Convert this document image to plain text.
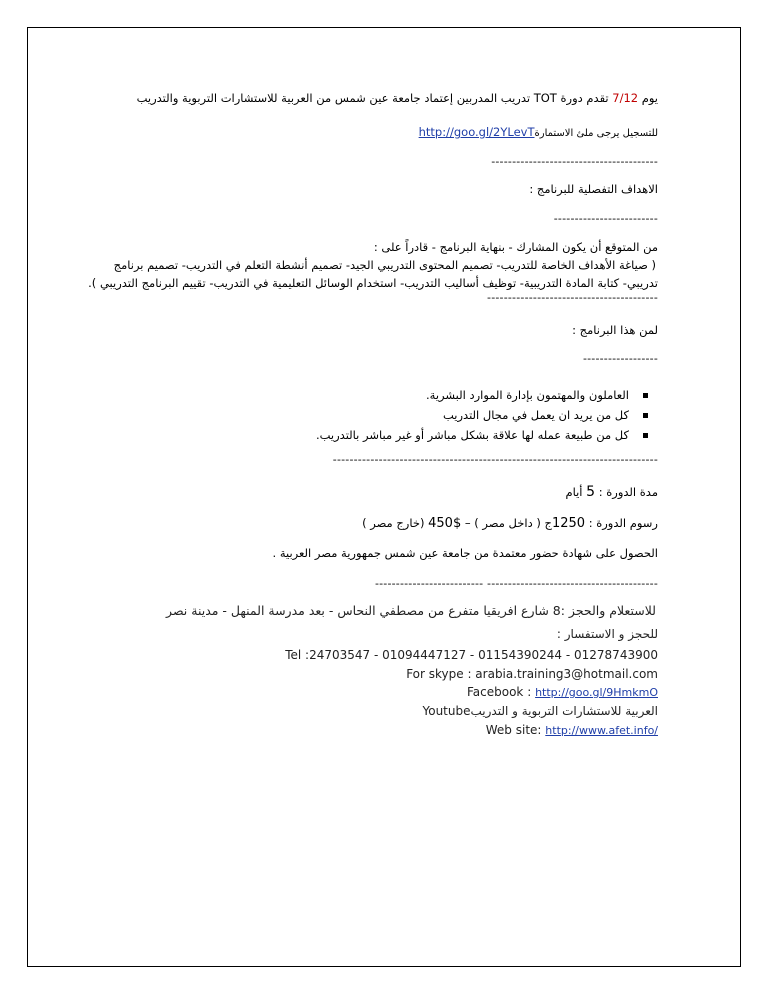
يوم 7/12 تقدم دورة TOT تدريب المدربين إعتماد جامعة عين شمس من العربية للاستشارات التربوية والتدريب
للتسجيل يرجى ملئ الاستمارةhttp://goo.gl/2YLevT
----------------------------------------
الاهداف التفصلية للبرنامج :
-------------------------
من المتوقع أن يكون المشارك - بنهاية البرنامج - قادراً على :
( صياغة الأهداف الخاصة للتدريب- تصميم المحتوى التدريبي الجيد- تصميم أنشطة التعلم في التدريب- تصميم برنامج
تدريبي- كتابة المادة التدريبية- توظيف أساليب التدريب- استخدام الوسائل التعليمية في التدريب- تقييم البرنامج التدريبي ).
-----------------------------------------
لمن هذا البرنامج :
------------------
العاملون والمهتمون بإدارة الموارد البشرية.
كل من يريد ان يعمل في مجال التدريب
كل من طبيعة عمله لها علاقة بشكل مباشر أو غير مباشر بالتدريب.
------------------------------------------------------------------------------
مدة الدورة : 5 أيام
رسوم الدورة : 1250ج ( داخل مصر ) – $450 (خارج مصر )
الحصول على شهادة حضور معتمدة من جامعة عين شمس جمهورية مصر العربية .
----------------------------------------- --------------------------
للاستعلام والحجز :8 شارع افريقيا متفرع من مصطفي النحاس - بعد مدرسة المنهل - مدينة نصر
للحجز و الاستفسار :
Tel :24703547 - 01094447127 - 01154390244 - 01278743900
For skype : arabia.training3@hotmail.com
Facebook : http://goo.gl/9HmkmO
العربية للاستشارات التربوية و التدريبYoutube
Web site: http://www.afet.info/
